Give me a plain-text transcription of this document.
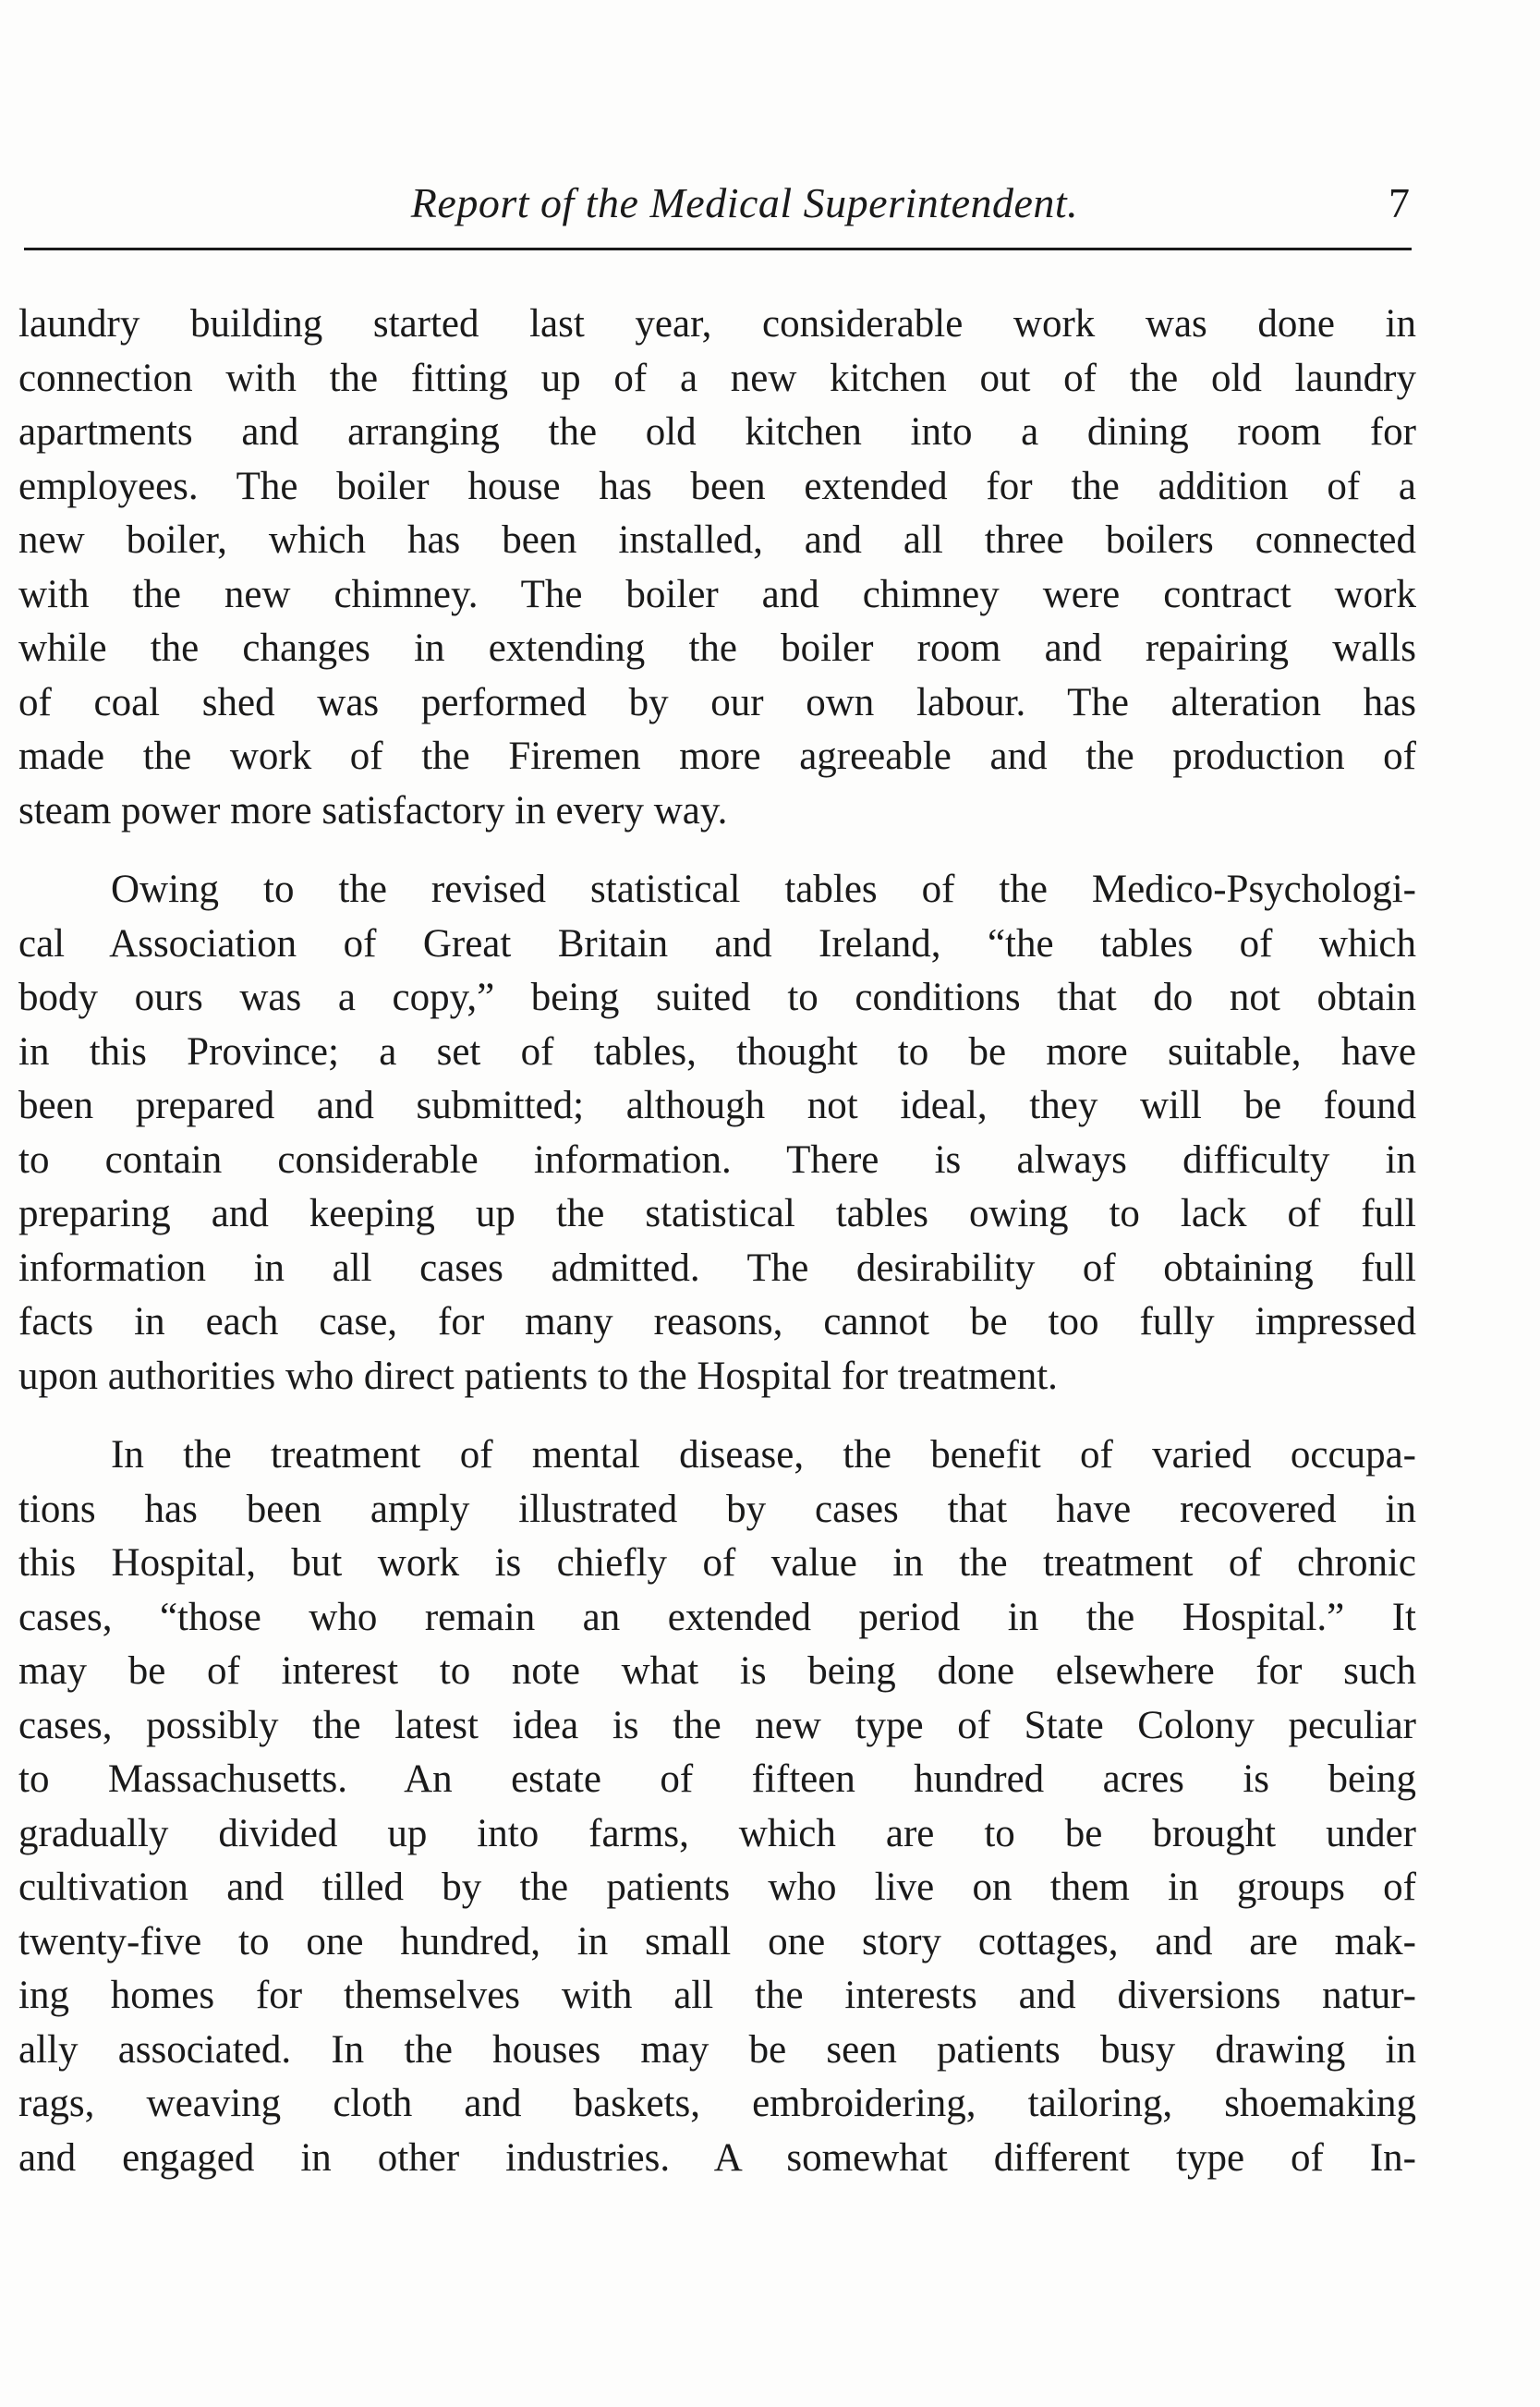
Report of the Medical Superintendent.	7
laundry building started last year, considerable work was done in
connection with the fitting up of a new kitchen out of the old laundry
apartments and arranging the old kitchen into a dining room for
employees. The boiler house has been extended for the addition of a
new boiler, which has been installed, and all three boilers connected
with the new chimney. The boiler and chimney were contract work
while the changes in extending the boiler room and repairing walls
of coal shed was performed by our own labour. The alteration has
made the work of the Firemen more agreeable and the production of
steam power more satisfactory in every way.
Owing to the revised statistical tables of the Medico-Psychologi-
cal Association of Great Britain and Ireland, “the tables of which
body ours was a copy,” being suited to conditions that do not obtain
in this Province; a set of tables, thought to be more suitable, have
been prepared and submitted; although not ideal, they will be found
to contain considerable information. There is always difficulty in
preparing and keeping up the statistical tables owing to lack of full
information in all cases admitted. The desirability of obtaining full
facts in each case, for many reasons, cannot be too fully impressed
upon authorities who direct patients to the Hospital for treatment.
In the treatment of mental disease, the benefit of varied occupa-
tions has been amply illustrated by cases that have recovered in
this Hospital, but work is chiefly of value in the treatment of chronic
cases, “those who remain an extended period in the Hospital.” It
may be of interest to note what is being done elsewhere for such
cases, possibly the latest idea is the new type of State Colony peculiar
to Massachusetts. An estate of fifteen hundred acres is being
gradually divided up into farms, which are to be brought under
cultivation and tilled by the patients who live on them in groups of
twenty-five to one hundred, in small one story cottages, and are mak-
ing homes for themselves with all the interests and diversions natur-
ally associated. In the houses may be seen patients busy drawing in
rags, weaving cloth and baskets, embroidering, tailoring, shoemaking
and engaged in other industries. A somewhat different type of In-
